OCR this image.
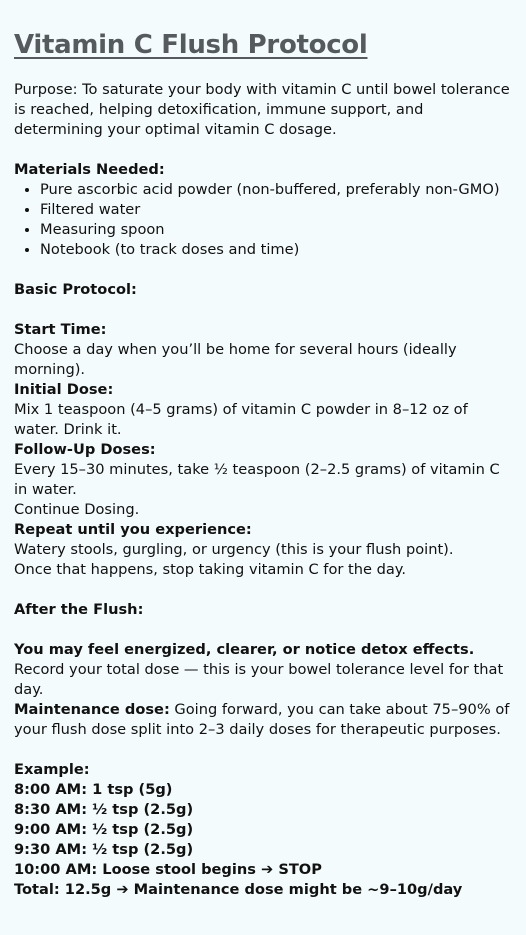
Vitamin C Flush Protocol

Purpose: To saturate your body with vitamin C until bowel tolerance is reached, helping detoxification, immune support, and determining your optimal vitamin C dosage.

Materials Needed:

• Pure ascorbic acid powder (non-buffered, preferably non-GMO)
• Filtered water
• Measuring spoon
• Notebook (to track doses and time)

Basic Protocol:

Start Time:

Choose a day when you’ll be home for several hours (ideally morning).

Initial Dose:

Mix 1 teaspoon (4–5 grams) of vitamin C powder in 8–12 oz of water. Drink it.

Follow-Up Doses:

Every 15–30 minutes, take ½ teaspoon (2–2.5 grams) of vitamin C in water.

Continue Dosing.

Repeat until you experience:

Watery stools, gurgling, or urgency (this is your flush point).

Once that happens, stop taking vitamin C for the day.

After the Flush:

You may feel energized, clearer, or notice detox effects.

Record your total dose — this is your bowel tolerance level for that day.

Maintenance dose: Going forward, you can take about 75–90% of your flush dose split into 2–3 daily doses for therapeutic purposes.

Example:

8:00 AM: 1 tsp (5g)

8:30 AM: ½ tsp (2.5g)

9:00 AM: ½ tsp (2.5g)

9:30 AM: ½ tsp (2.5g)

10:00 AM: Loose stool begins ➔ STOP

Total: 12.5g ➔ Maintenance dose might be ~9–10g/day
